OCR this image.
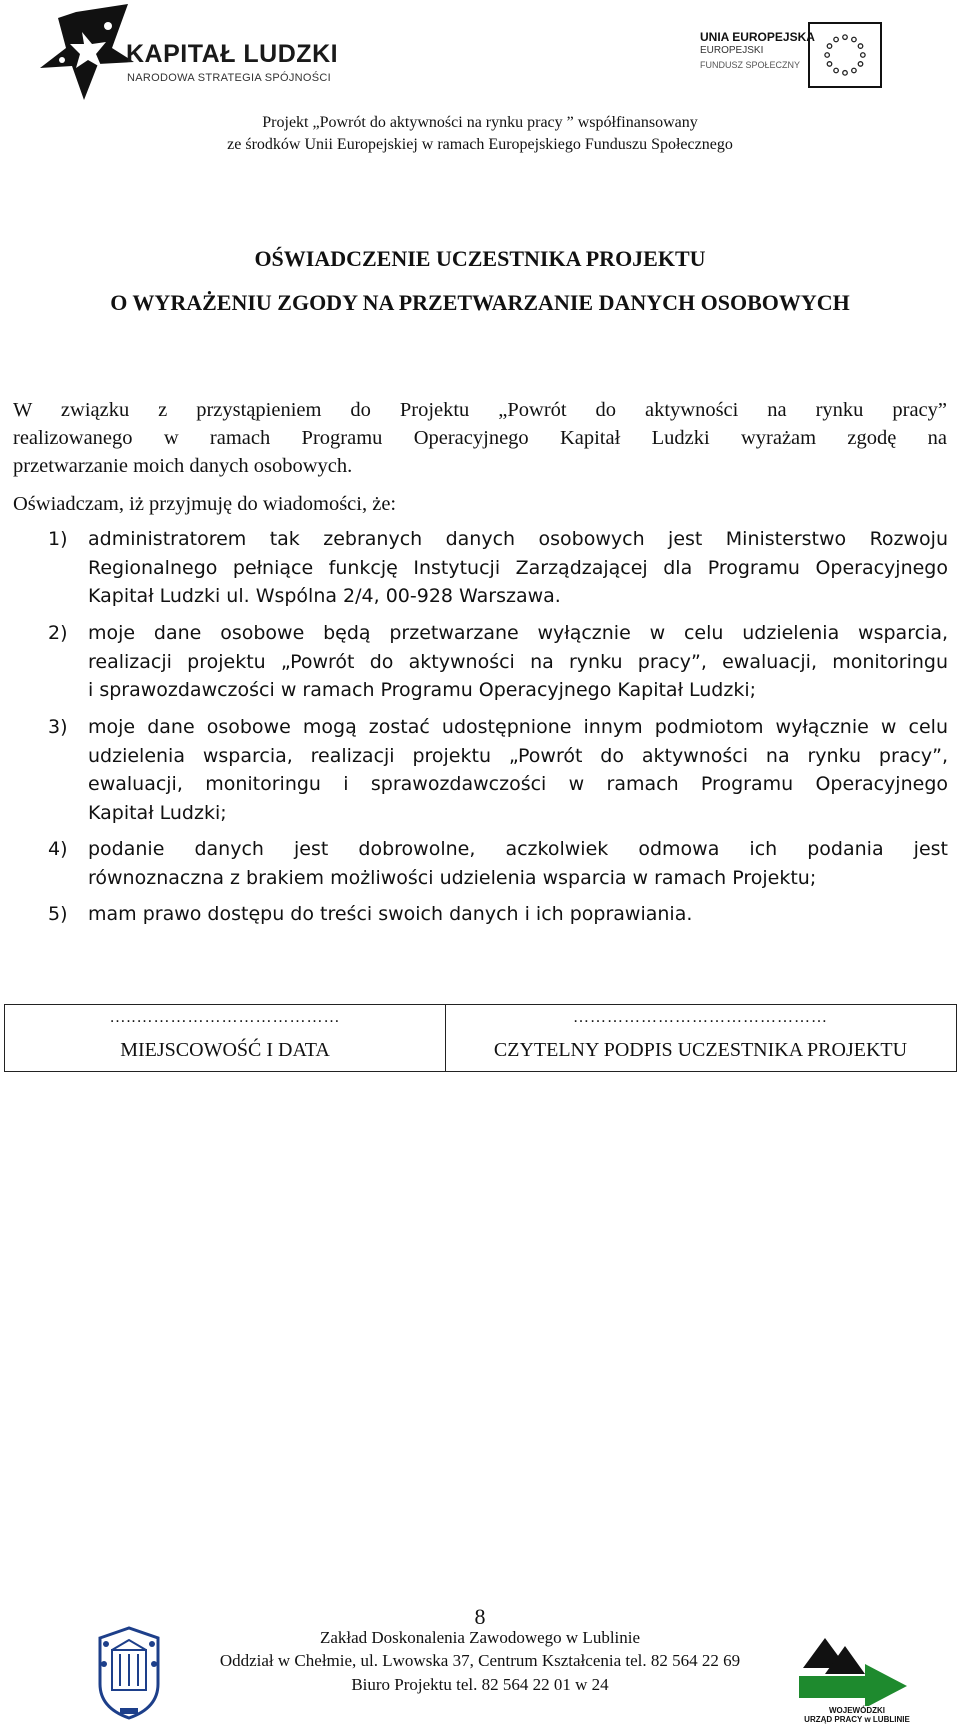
KAPITAŁ LUDZKI
NARODOWA STRATEGIA SPÓJNOŚCI
UNIA EUROPEJSKA
EUROPEJSKI
FUNDUSZ SPOŁECZNY
Projekt „Powrót do aktywności na rynku pracy ” współfinansowany
ze środków Unii Europejskiej w ramach Europejskiego Funduszu Społecznego
OŚWIADCZENIE UCZESTNIKA PROJEKTU
O WYRAŻENIU ZGODY NA PRZETWARZANIE DANYCH OSOBOWYCH
W związku z przystąpieniem do Projektu „Powrót do aktywności na rynku pracy”
realizowanego w ramach Programu Operacyjnego Kapitał Ludzki wyrażam zgodę na
przetwarzanie moich danych osobowych.
Oświadczam, iż przyjmuję do wiadomości, że:
1) administratorem tak zebranych danych osobowych jest Ministerstwo Rozwoju
Regionalnego pełniące funkcję Instytucji Zarządzającej dla Programu Operacyjnego
Kapitał Ludzki ul. Wspólna 2/4, 00-928 Warszawa.
2) moje dane osobowe będą przetwarzane wyłącznie w celu udzielenia wsparcia,
realizacji projektu „Powrót do aktywności na rynku pracy”, ewaluacji, monitoringu
i sprawozdawczości w ramach Programu Operacyjnego Kapitał Ludzki;
3) moje dane osobowe mogą zostać udostępnione innym podmiotom wyłącznie w celu
udzielenia wsparcia, realizacji projektu „Powrót do aktywności na rynku pracy”,
ewaluacji, monitoringu i sprawozdawczości w ramach Programu Operacyjnego
Kapitał Ludzki;
4) podanie danych jest dobrowolne, aczkolwiek odmowa ich podania jest
równoznaczna z brakiem możliwości udzielenia wsparcia w ramach Projektu;
5) mam prawo dostępu do treści swoich danych i ich poprawiania.
…..………………………………
MIEJSCOWOŚĆ I DATA
………………………………………
CZYTELNY PODPIS UCZESTNIKA PROJEKTU
8
Zakład Doskonalenia Zawodowego w Lublinie
Oddział w Chełmie, ul. Lwowska 37, Centrum Kształcenia tel. 82 564 22 69
Biuro Projektu tel. 82 564 22 01 w 24
WOJEWÓDZKI
URZĄD PRACY w LUBLINIE
